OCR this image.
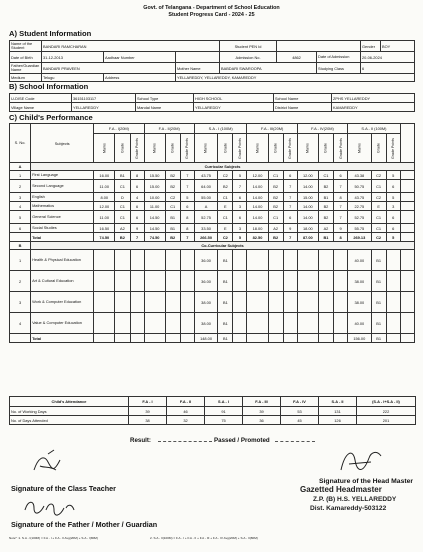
Govt. of Telangana - Department of School Education
Student Progress Card - 2024 - 25
A) Student Information
Name of the Student	BANDARI RAMCHARAN			Student PEN Id			Gender	BOY
Date of Birth	31-12-2013	Aadhaar Number		Admission No.	4862	Date of Admission	20-06-2024	
Father/Guardian Name	BANDARI PRAVEEN		Mother Name	BABDARI SWAROOPA		Studying Class	6	
Medium	Telugu	Address	YELLAREDDY, YELLAREDDY, KAMAREDDY					
B) School Information
U-DISE Code	36151103117	School Type	HIGH SCHOOL	School Name	ZPHS YELLAREDDY
Village Name	YELLAREDDY	Mandal Name	YELLAREDDY	District Name	KAMAREDDY
C) Child's Performance
S. No.	Subjects	F.A - I(20M)			F.A - II(20M)			S.A - I (100M)			F.A - III(20M)			F.A - IV(20M)			S.A - II (100M)			
		Marks	Grade	Grade Points	Marks	Grade	Grade Points	Marks	Grade	Grade Points	Marks	Grade	Grade Points	Marks	Grade	Grade Points	Marks	Grade	Grade Points	
A	Curricular Subjects																			
1	First Language	16.00	B1	8	15.50	B2	7	43.75	C2	5	12.00	C1	6	12.00	C1	6	43.38	C2	5	
2	Second Language	11.00	C1	6	15.00	B2	7	64.00	B2	7	14.00	B2	7	14.00	B2	7	50.75	C1	6	
3	English	8.00	D	4	10.00	C2	5	55.00	C1	6	14.00	B2	7	15.00	B1	8	43.75	C2	5	
4	Mathematics	12.00	C1	6	11.00	C1	6	A	E	3	14.00	B2	7	14.00	B2	7	22.75	E	3	
5	General Science	11.00	C1	6	14.50	B1	8	52.75	C1	6	14.00	C1	6	14.00	B2	7	52.75	C1	6	
6	Social Studies	16.50	A2	9	14.50	B1	8	33.50	E	3	18.00	A2	9	18.00	A2	9	55.75	C1	6	
	Total	74.50	B2	7	74.50	B2	7	266.50	C2	5	82.50	B2	7	87.00	B1	8	269.13	C2	5	
B	Co-Curricular Subjects																			
1	Health & Physical Education							36.00	B1								40.00	B1		
2	Art & Cultural Education							36.00	B1								38.00	B1		
3	Work & Computer Education							38.00	B1								38.00	B1		
4	Value & Computer Education							38.00	B1								40.00	B1		
	Total							148.00	B1								156.00	B1		
Child's Attendance	F.A - I	F.A - II	S.A - I	F.A - III	F.A - IV	S.A - II	(S.A - I+S.A - II)
No. of Working Days	39	46	91	39	53	131	222
No. of Days Attended	38	32	75	36	45	126	201
Result:	Passed / Promoted
Signature of the Class Teacher
Signature of the Father / Mother / Guardian
Signature of the Head Master
Gazetted Headmaster
Z.P. (B) H.S. YELLAREDDY
Dist. Kamareddy-503122
Note* :1. S.A - I(100M) = F.A - I + F.A - II Avg(20M) + S.A - I(80M)	2. S.A - II(100M) = F.A - I + F.A - II + F.A - III + F.A - IV Avg(20M) + S.A - II(80M)
